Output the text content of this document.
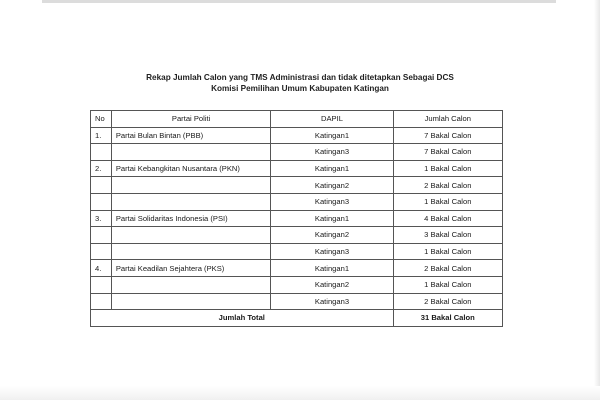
Rekap Jumlah Calon yang TMS Administrasi dan tidak ditetapkan Sebagai DCS
Komisi Pemilihan Umum Kabupaten Katingan
No	Partai Politi	DAPIL	Jumlah Calon
1.	Partai Bulan Bintan (PBB)	Katingan1	7 Bakal Calon
		Katingan3	7 Bakal Calon
2.	Partai Kebangkitan Nusantara (PKN)	Katingan1	1 Bakal Calon
		Katingan2	2 Bakal Calon
		Katingan3	1 Bakal Calon
3.	Partai Solidaritas Indonesia (PSI)	Katingan1	4 Bakal Calon
		Katingan2	3 Bakal Calon
		Katingan3	1 Bakal Calon
4.	Partai Keadilan Sejahtera (PKS)	Katingan1	2 Bakal Calon
		Katingan2	1 Bakal Calon
		Katingan3	2 Bakal Calon
Jumlah Total			31 Bakal Calon
